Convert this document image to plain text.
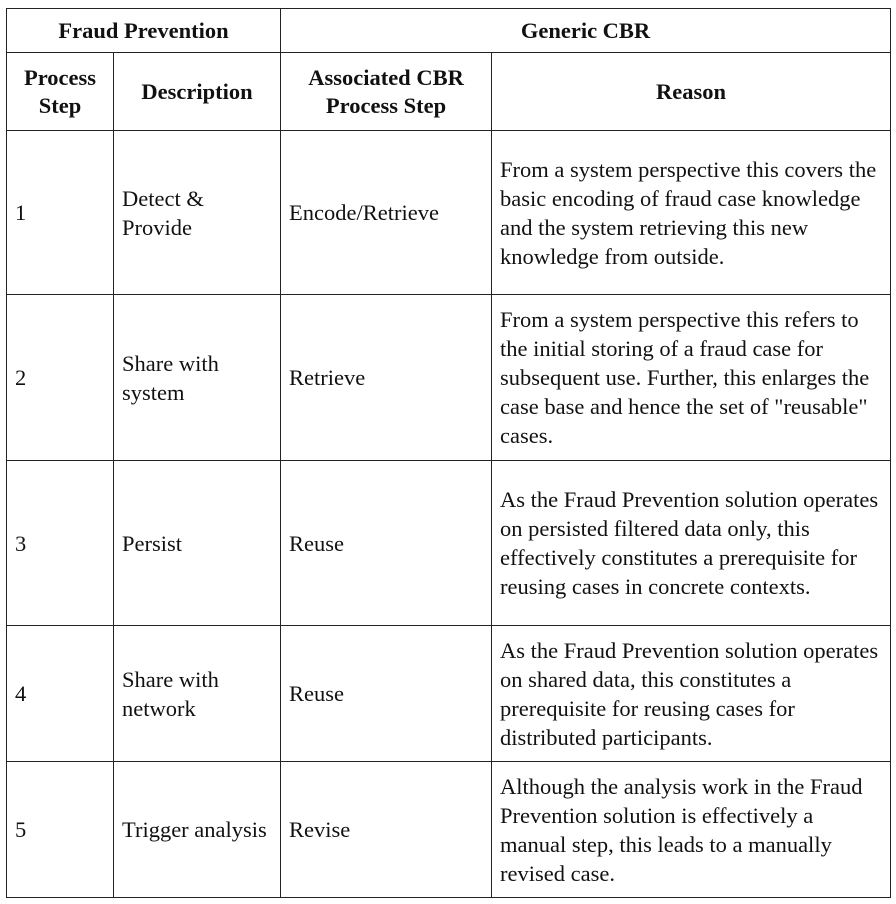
Fraud Prevention		Generic CBR	
Process Step	Description	Associated CBR Process Step	Reason
1	Detect & Provide	Encode/Retrieve	From a system perspective this covers the basic encoding of fraud case knowledge and the system retrieving this new knowledge from outside.
2	Share with system	Retrieve	From a system perspective this refers to the initial storing of a fraud case for subsequent use. Further, this enlarges the case base and hence the set of "reusable" cases.
3	Persist	Reuse	As the Fraud Prevention solution operates on persisted filtered data only, this effectively constitutes a prerequisite for reusing cases in concrete contexts.
4	Share with network	Reuse	As the Fraud Prevention solution operates on shared data, this constitutes a prerequisite for reusing cases for distributed participants.
5	Trigger analysis	Revise	Although the analysis work in the Fraud Prevention solution is effectively a manual step, this leads to a manually revised case.
